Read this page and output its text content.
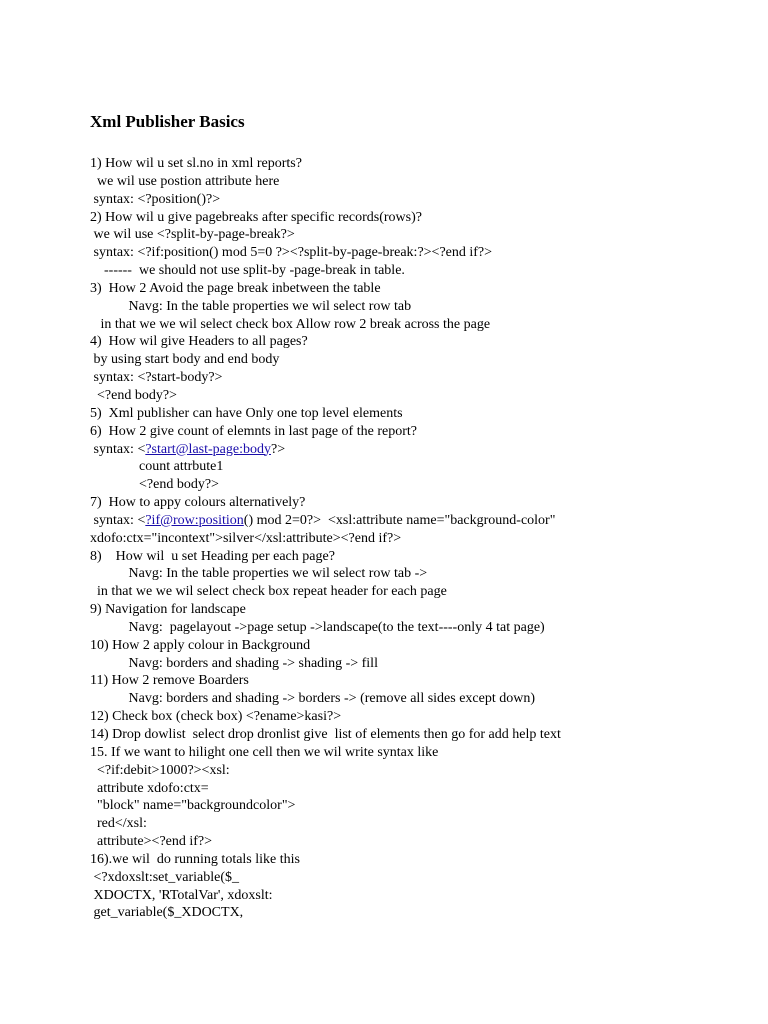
Xml Publisher Basics
1) How wil u set sl.no in xml reports?
we wil use postion attribute here
syntax: <?position()?>
2) How wil u give pagebreaks after specific records(rows)?
we wil use <?split-by-page-break?>
syntax: <?if:position() mod 5=0 ?><?split-by-page-break:?><?end if?>
------  we should not use split-by -page-break in table.
3)  How 2 Avoid the page break inbetween the table
Navg: In the table properties we wil select row tab
in that we we wil select check box Allow row 2 break across the page
4)  How wil give Headers to all pages?
by using start body and end body
syntax: <?start-body?>
<?end body?>
5)  Xml publisher can have Only one top level elements
6)  How 2 give count of elemnts in last page of the report?
syntax: <?start@last-page:body?>
count attrbute1
<?end body?>
7)  How to appy colours alternatively?
syntax: <?if@row:position() mod 2=0?>  <xsl:attribute name="background-color"
xdofo:ctx="incontext">silver</xsl:attribute><?end if?>
8)    How wil  u set Heading per each page?
Navg: In the table properties we wil select row tab ->
in that we we wil select check box repeat header for each page
9) Navigation for landscape
Navg:  pagelayout ->page setup ->landscape(to the text----only 4 tat page)
10) How 2 apply colour in Background
Navg: borders and shading -> shading -> fill
11) How 2 remove Boarders
Navg: borders and shading -> borders -> (remove all sides except down)
12) Check box (check box) <?ename>kasi?>
14) Drop dowlist  select drop dronlist give  list of elements then go for add help text
15. If we want to hilight one cell then we wil write syntax like
<?if:debit>1000?><xsl:
attribute xdofo:ctx=
"block" name="backgroundcolor">
red</xsl:
attribute><?end if?>
16).we wil  do running totals like this
<?xdoxslt:set_variable($_
XDOCTX, 'RTotalVar', xdoxslt:
get_variable($_XDOCTX,
